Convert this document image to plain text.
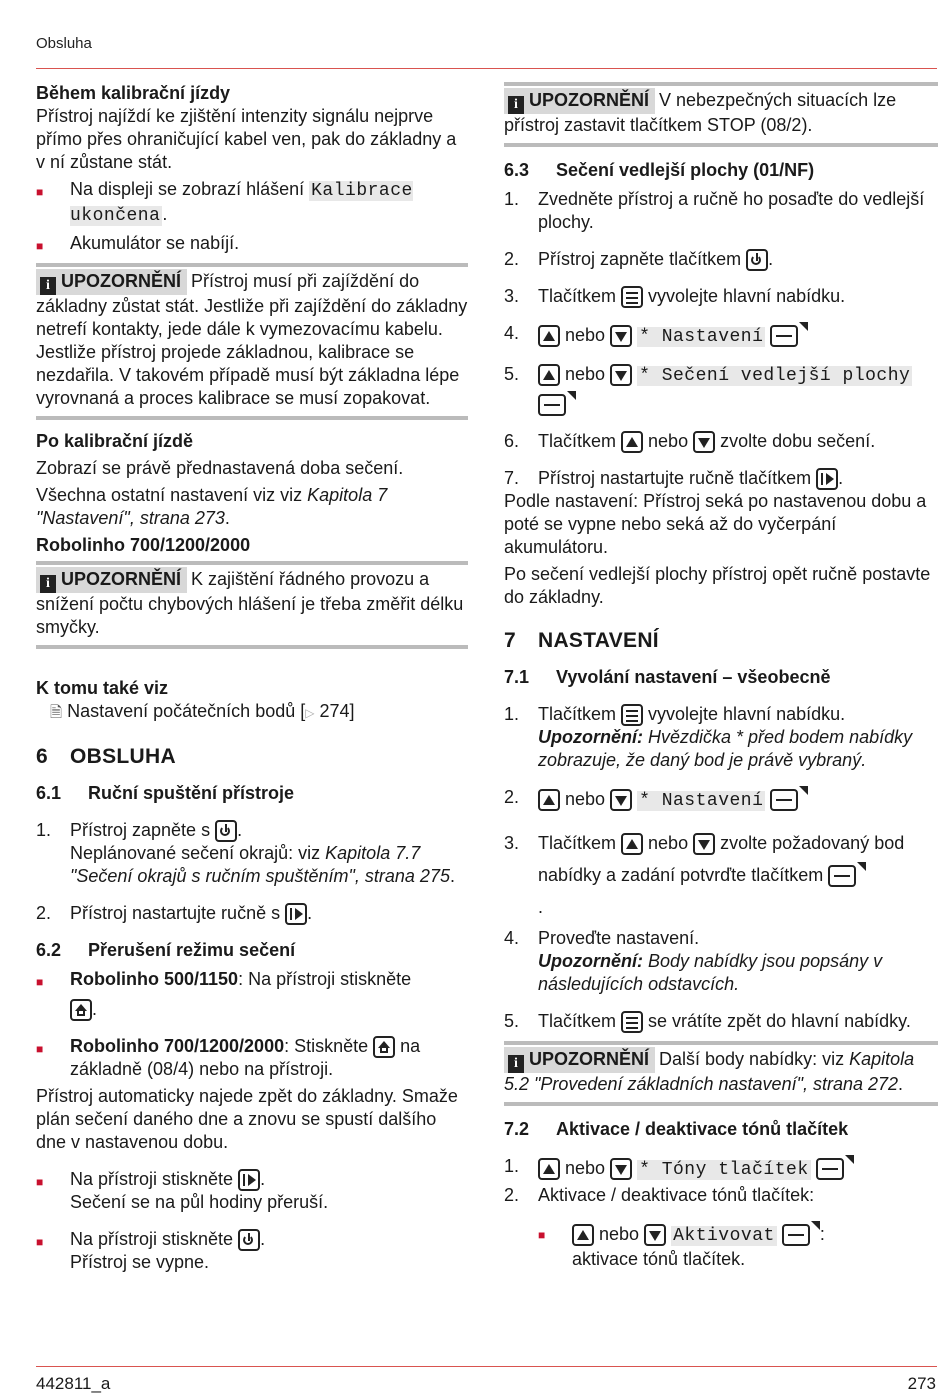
Obsluha
Během kalibrační jízdy

Přístroj najíždí ke zjištění intenzity signálu nejprve přímo přes ohraničující kabel ven, pak do základny a v ní zůstane stát.

■	Na displeji se zobrazí hlášení Kalibrace ukončena .
■	Akumulátor se nabíjí.
i UPOZORNĚNÍ Přístroj musí při zajíždění do základny zůstat stát. Jestliže při zajíždění do základny netrefí kontakty, jede dále k vymezovacímu kabelu. Jestliže přístroj projede základnou, kalibrace se nezdařila. V takovém případě musí být základna lépe vyrovnaná a proces kalibrace se musí zopakovat.
Po kalibrační jízdě

Zobrazí se právě přednastavená doba sečení.

Všechna ostatní nastavení viz viz Kapitola 7 "Nastavení", strana 273.

Robolinho 700/1200/2000
i UPOZORNĚNÍ K zajištění řádného provozu a snížení počtu chybových hlášení je třeba změřit délku smyčky.
K tomu také viz
🗎 Nastavení počátečních bodů [▷ 274]
6 OBSLUHA
6.1 Ruční spuštění přístroje
1. Přístroj zapněte s .
Neplánované sečení okrajů: viz Kapitola 7.7 "Sečení okrajů s ručním spuštěním", strana 275.
2. Přístroj nastartujte ručně s .
6.2 Přerušení režimu sečení
■	Robolinho 500/1150: Na přístroji stiskněte
.
■	Robolinho 700/1200/2000: Stiskněte  na základně (08/4) nebo na přístroji.

Přístroj automaticky najede zpět do základny. Smaže plán sečení daného dne a znovu se spustí dalšího dne v nastavenou dobu.

■	Na přístroji stiskněte .
Sečení se na půl hodiny přeruší.
■	Na přístroji stiskněte .
Přístroj se vypne.
i UPOZORNĚNÍ V nebezpečných situacích lze přístroj zastavit tlačítkem STOP (08/2).
6.3 Sečení vedlejší plochy (01/NF)
1. Zvedněte přístroj a ručně ho posaďte do vedlejší plochy.
2. Přístroj zapněte tlačítkem .
3. Tlačítkem  vyvolejte hlavní nabídku.
4.	nebo * Nastavení
5.	nebo * Sečení vedlejší plochy

6. Tlačítkem  nebo  zvolte dobu sečení.
7. Přístroj nastartujte ručně tlačítkem .

Podle nastavení: Přístroj seká po nastavenou dobu a poté se vypne nebo seká až do vyčerpání akumulátoru.

Po sečení vedlejší plochy přístroj opět ručně postavte do základny.

7 NASTAVENÍ
7.1 Vyvolání nastavení – všeobecně
1. Tlačítkem  vyvolejte hlavní nabídku.
Upozornění: Hvězdička * před bodem nabídky zobrazuje, že daný bod je právě vybraný.
2.	nebo * Nastavení
3. Tlačítkem  nebo  zvolte požadovaný bod nabídky a zadání potvrďte tlačítkem
.
4. Proveďte nastavení.
Upozornění: Body nabídky jsou popsány v následujících odstavcích.
5. Tlačítkem  se vrátíte zpět do hlavní nabídky.
i UPOZORNĚNÍ Další body nabídky: viz Kapitola 5.2 "Provedení základních nastavení", strana 272.
7.2 Aktivace / deaktivace tónů tlačítek
1.	nebo * Tóny tlačítek
2. Aktivace / deaktivace tónů tlačítek:
■	nebo Aktivovat	:
aktivace tónů tlačítek.
442811_a	273
